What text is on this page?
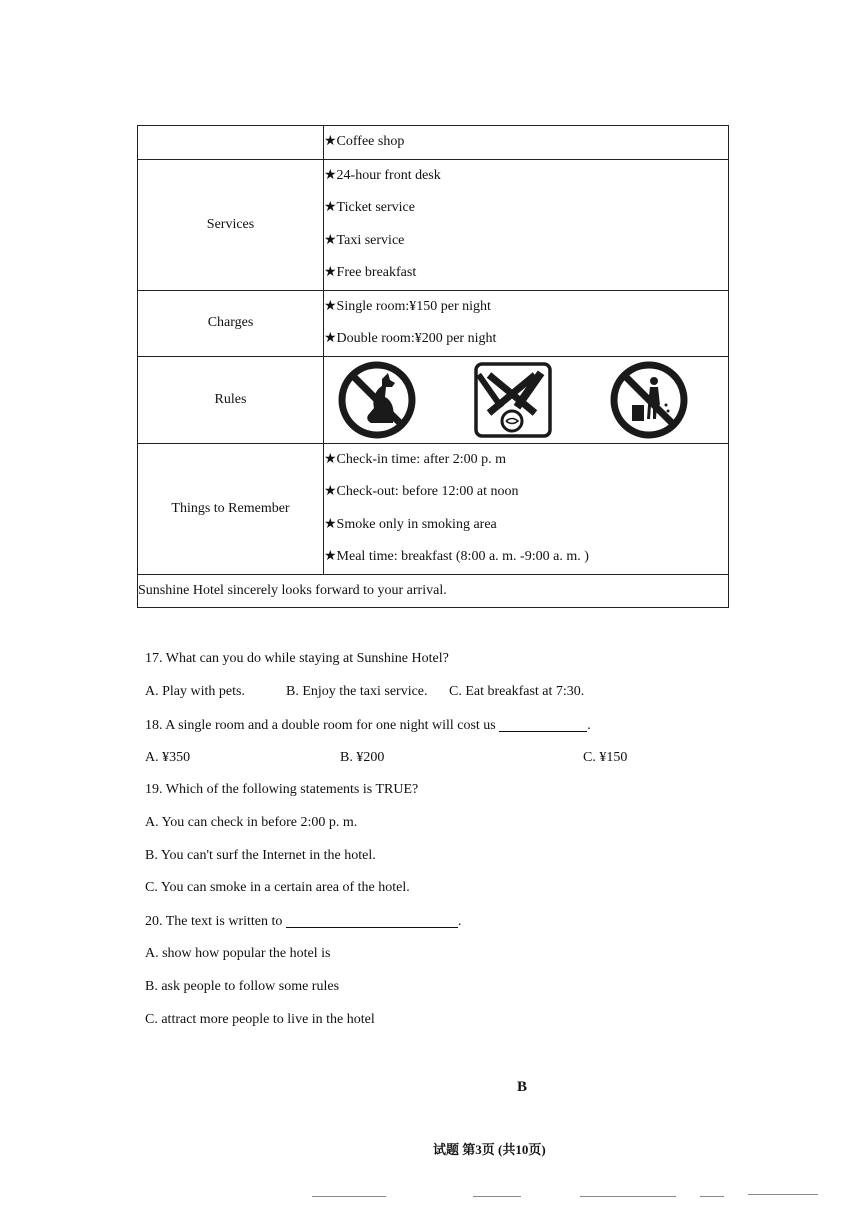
	★Coffee shop

Services	★24-hour front desk
★Ticket service
★Taxi service
★Free breakfast

Charges	★Single room:¥150 per night
★Double room:¥200 per night

Rules	

Things to Remember	★Check-in time: after 2:00 p. m
★Check-out: before 12:00 at noon
★Smoke only in smoking area
★Meal time: breakfast (8:00 a. m. -9:00 a. m. )

Sunshine Hotel sincerely looks forward to your arrival.	
17. What can you do while staying at Sunshine Hotel?
A. Play with pets.	B. Enjoy the taxi service. C. Eat breakfast at 7:30.
18. A single room and a double room for one night will cost us	.
A. ¥350	B. ¥200	C. ¥150
19. Which of the following statements is TRUE?
A. You can check in before 2:00 p. m.
B. You can't surf the Internet in the hotel.
C. You can smoke in a certain area of the hotel.
20. The text is written to	.
A. show how popular the hotel is
B. ask people to follow some rules
C. attract more people to live in the hotel
B
试题 第3页 (共10页)
